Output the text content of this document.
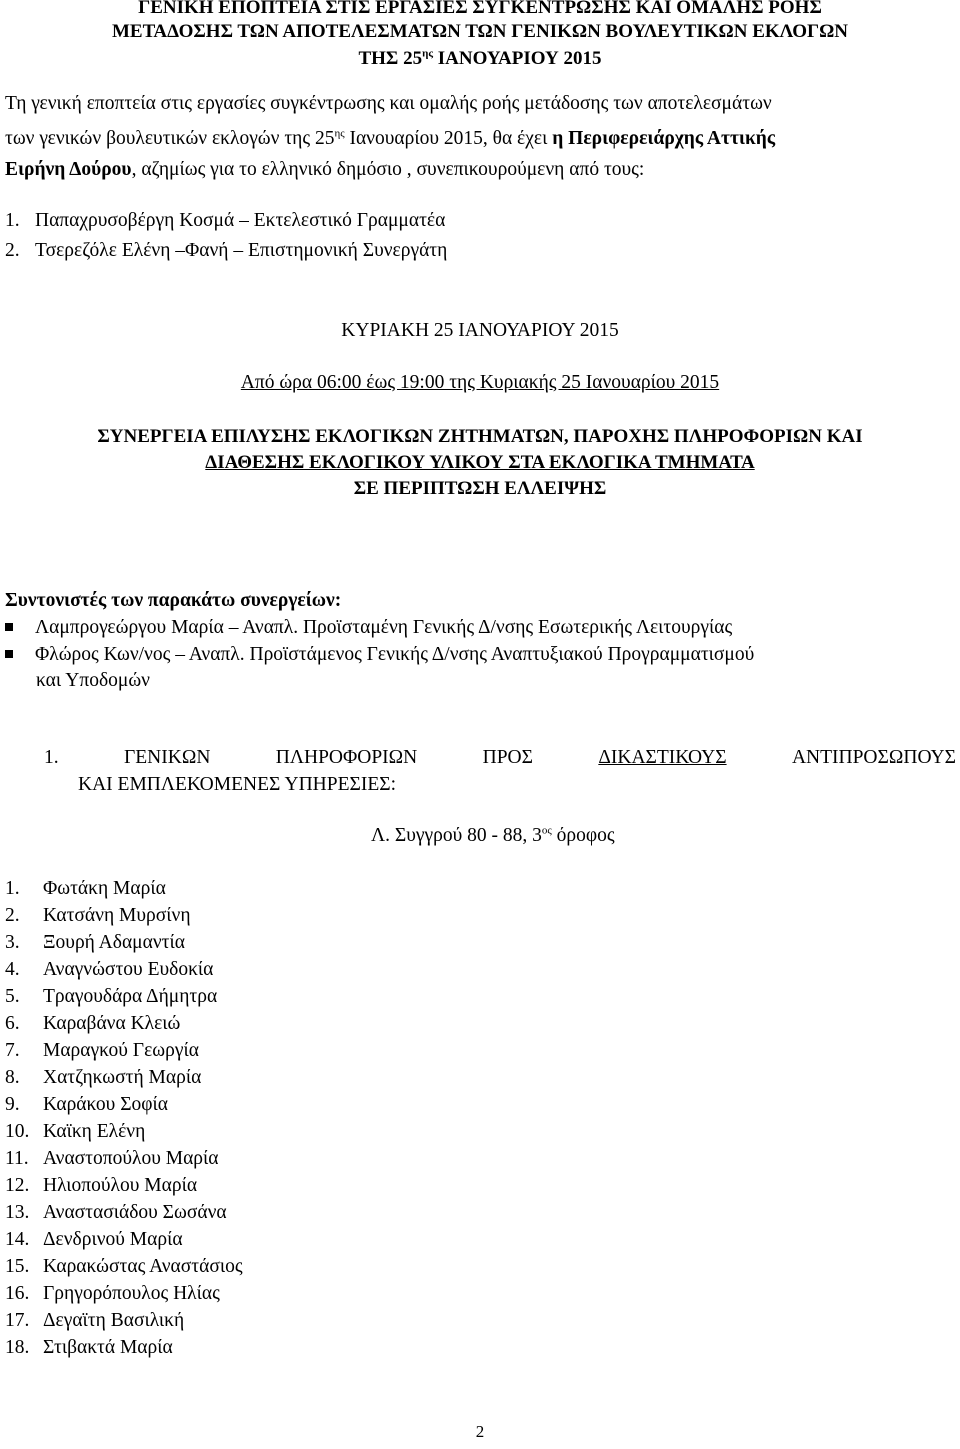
ΓΕΝΙΚΗ ΕΠΟΠΤΕΙΑ ΣΤΙΣ ΕΡΓΑΣΙΕΣ ΣΥΓΚΕΝΤΡΩΣΗΣ ΚΑΙ ΟΜΑΛΗΣ ΡΟΗΣ
ΜΕΤΑΔΟΣΗΣ ΤΩΝ ΑΠΟΤΕΛΕΣΜΑΤΩΝ ΤΩΝ ΓΕΝΙΚΩΝ ΒΟΥΛΕΥΤΙΚΩΝ ΕΚΛΟΓΩΝ
ΤΗΣ $25^{\eta\varsigma}$ ΙΑΝΟΥΑΡΙΟΥ 2015
Τη γενική εποπτεία στις εργασίες συγκέντρωσης και ομαλής ροής μετάδοσης των αποτελεσμάτων
των γενικών βουλευτικών εκλογών της $25^{\eta\varsigma}$ Ιανουαρίου 2015, θα έχει η Περιφερειάρχης Αττικής
Ειρήνη Δούρου, αζημίως για το ελληνικό δημόσιο , συνεπικουρούμενη από τους:
1. Παπαχρυσοβέργη Κοσμά – Εκτελεστικό Γραμματέα
2. Τσερεζόλε Ελένη –Φανή – Επιστημονική Συνεργάτη
ΚΥΡΙΑΚΗ 25 ΙΑΝΟΥΑΡΙΟΥ 2015
Από ώρα 06:00 έως 19:00 της Κυριακής 25 Ιανουαρίου 2015
ΣΥΝΕΡΓΕΙΑ ΕΠΙΛΥΣΗΣ ΕΚΛΟΓΙΚΩΝ ΖΗΤΗΜΑΤΩΝ, ΠΑΡΟΧΗΣ ΠΛΗΡΟΦΟΡΙΩΝ ΚΑΙ
ΔΙΑΘΕΣΗΣ ΕΚΛΟΓΙΚΟΥ ΥΛΙΚΟΥ ΣΤΑ ΕΚΛΟΓΙΚΑ ΤΜΗΜΑΤΑ
ΣΕ ΠΕΡΙΠΤΩΣΗ ΕΛΛΕΙΨΗΣ
Συντονιστές των παρακάτω συνεργείων:
Λαμπρογεώργου Μαρία – Αναπλ. Προϊσταμένη Γενικής Δ/νσης Εσωτερικής Λειτουργίας
Φλώρος Κων/νος – Αναπλ. Προϊστάμενος Γενικής Δ/νσης Αναπτυξιακού Προγραμματισμού
και Υποδομών
1.	ΓΕΝΙΚΩΝ	ΠΛΗΡΟΦΟΡΙΩΝ	ΠΡΟΣ	ΔΙΚΑΣΤΙΚΟΥΣ	ΑΝΤΙΠΡΟΣΩΠΟΥΣ
ΚΑΙ ΕΜΠΛΕΚΟΜΕΝΕΣ ΥΠΗΡΕΣΙΕΣ:
Λ. Συγγρού 80 - 88, $3^{o\varsigma}$ όροφος
1. Φωτάκη Μαρία
2. Κατσάνη Μυρσίνη
3. Ξουρή Αδαμαντία
4. Αναγνώστου Ευδοκία
5. Τραγουδάρα Δήμητρα
6. Καραβάνα Κλειώ
7. Μαραγκού Γεωργία
8. Χατζηκωστή Μαρία
9. Καράκου Σοφία
10. Καϊκη Ελένη
11. Αναστοπούλου Μαρία
12. Ηλιοπούλου Μαρία
13. Αναστασιάδου Σωσάνα
14. Δενδρινού Μαρία
15. Καρακώστας Αναστάσιος
16. Γρηγορόπουλος Ηλίας
17. Δεγαϊτη Βασιλική
18. Στιβακτά Μαρία
2
